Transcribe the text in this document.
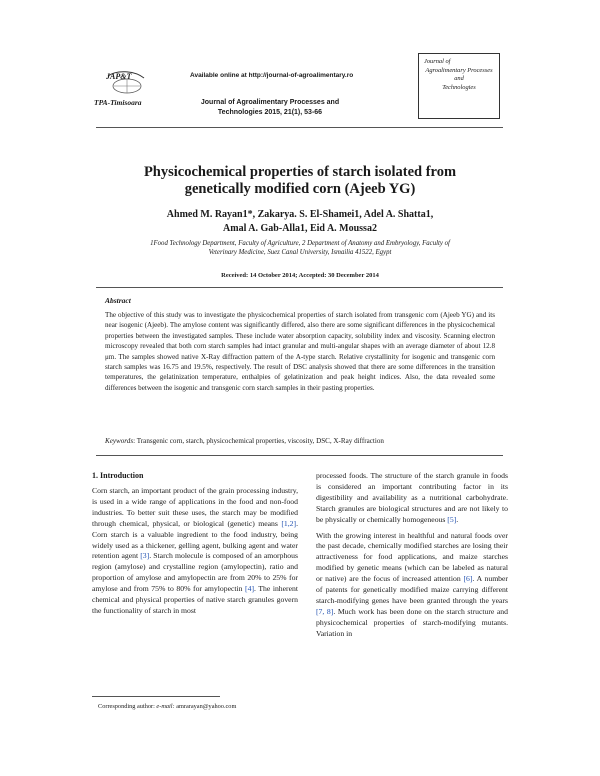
JAP&T
TPA-Timisoara
Available online at http://journal-of-agroalimentary.ro
Journal of Agroalimentary Processes and
Technologies 2015, 21(1), 53-66
Journal of
Agroalimentary Processes and
Technologies
Physicochemical properties of starch isolated from genetically modified corn (Ajeeb YG)
Ahmed M. Rayan1*, Zakarya. S. El-Shamei1, Adel A. Shatta1,
Amal A. Gab-Alla1, Eid A. Moussa2
1Food Technology Department, Faculty of Agriculture, 2 Department of Anatomy and Embryology, Faculty of
Veterinary Medicine, Suez Canal University, Ismailia 41522, Egypt
Received: 14 October 2014; Accepted: 30 December 2014
Abstract
The objective of this study was to investigate the physicochemical properties of starch isolated from transgenic corn (Ajeeb YG) and its near isogenic (Ajeeb). The amylose content was significantly differed, also there are some significant differences in the physicochemical properties between the investigated samples. These include water absorption capacity, solubility index and viscosity. Scanning electron microscopy revealed that both corn starch samples had intact granular and multi-angular shapes with an average diameter of about 12.8 μm. The samples showed native X-Ray diffraction pattern of the A-type starch. Relative crystallinity for isogenic and transgenic corn starch samples was 16.75 and 19.5%, respectively. The result of DSC analysis showed that there are some differences in the transition temperatures, the gelatinization temperature, enthalpies of gelatinization and peak height indices. Also, the data revealed some differences between the isogenic and transgenic corn starch samples in their pasting properties.
Keywords: Transgenic corn, starch, physicochemical properties, viscosity, DSC, X-Ray diffraction
1. Introduction
Corn starch, an important product of the grain processing industry, is used in a wide range of applications in the food and non-food industries. To better suit these uses, the starch may be modified through chemical, physical, or biological (genetic) means [1,2]. Corn starch is a valuable ingredient to the food industry, being widely used as a thickener, gelling agent, bulking agent and water retention agent [3]. Starch molecule is composed of an amorphous region (amylose) and crystalline region (amylopectin), ratio and proportion of amylose and amylopectin are from 20% to 25% for amylose and from 75% to 80% for amylopectin [4]. The inherent chemical and physical properties of native starch granules govern the functionality of starch in most
processed foods. The structure of the starch granule in foods is considered an important contributing factor in its digestibility and availability as a nutritional carbohydrate. Starch granules are biological structures and are not likely to be physically or chemically homogeneous [5].
With the growing interest in healthful and natural foods over the past decade, chemically modified starches are losing their attractiveness for food applications, and maize starches modified by genetic means (which can be labeled as natural or native) are the focus of increased attention [6]. A number of patents for genetically modified maize carrying different starch-modifying genes have been granted through the years [7, 8]. Much work has been done on the starch structure and physicochemical properties of starch-modifying mutants. Variation in
Corresponding author: e-mail: amrarayan@yahoo.com
